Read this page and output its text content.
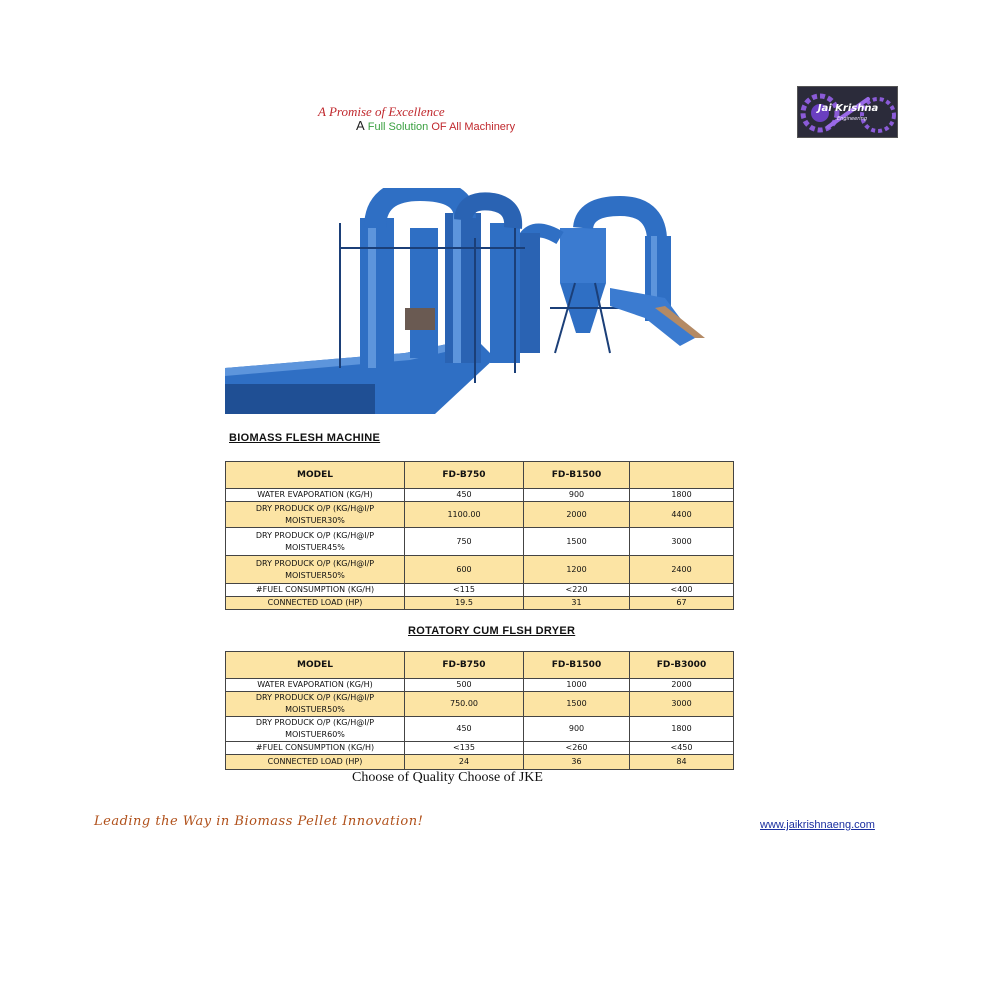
A Promise of Excellence
A Full Solution OF All Machinery
Jai Krishna
Engineering
BIOMASS FLESH MACHINE
MODEL	FD-B750	FD-B1500	
WATER EVAPORATION (KG/H)	450	900	1800
DRY PRODUCK O/P (KG/H@I/P MOISTUER30%	1100.00	2000	4400
DRY PRODUCK O/P (KG/H@I/P MOISTUER45%	750	1500	3000
DRY PRODUCK O/P (KG/H@I/P MOISTUER50%	600	1200	2400
#FUEL CONSUMPTION (KG/H)	<115	<220	<400
CONNECTED LOAD (HP)	19.5	31	67
ROTATORY CUM FLSH DRYER
MODEL	FD-B750	FD-B1500	FD-B3000
WATER EVAPORATION (KG/H)	500	1000	2000
DRY PRODUCK O/P (KG/H@I/P MOISTUER50%	750.00	1500	3000
DRY PRODUCK O/P (KG/H@I/P MOISTUER60%	450	900	1800
#FUEL CONSUMPTION (KG/H)	<135	<260	<450
CONNECTED LOAD (HP)	24	36	84
Choose of Quality Choose of JKE
Leading the Way in Biomass Pellet Innovation!	www.jaikrishnaeng.com
